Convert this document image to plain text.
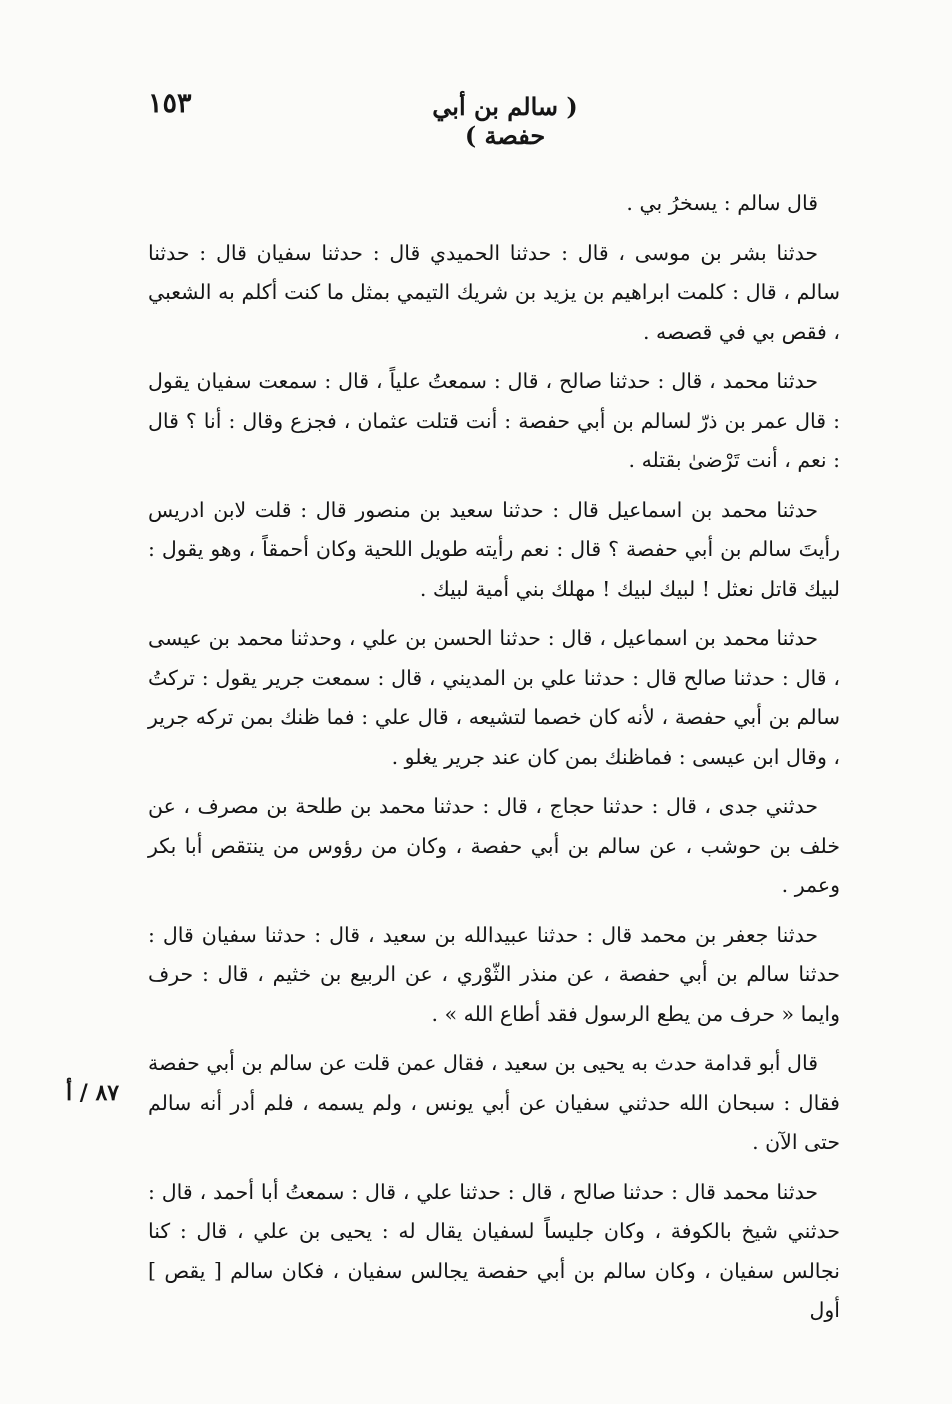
١٥٣	( سالم بن أبي حفصة )
٨٧ / أ

قال سالم : يسخرُ بي .

حدثنا بشر بن موسى ، قال : حدثنا الحميدي قال : حدثنا سفيان قال : حدثنا سالم ، قال : كلمت ابراهيم بن يزيد بن شريك التيمي بمثل ما كنت أكلم به الشعبي ، فقص بي في قصصه .

حدثنا محمد ، قال : حدثنا صالح ، قال : سمعتُ علياً ، قال : سمعت سفيان يقول : قال عمر بن ذرّ لسالم بن أبي حفصة : أنت قتلت عثمان ، فجزع وقال : أنا ؟ قال : نعم ، أنت تَرْضىٰ بقتله .

حدثنا محمد بن اسماعيل قال : حدثنا سعيد بن منصور قال : قلت لابن ادريس رأيتَ سالم بن أبي حفصة ؟ قال : نعم رأيته طويل اللحية وكان أحمقاً ، وهو يقول : لبيك قاتل نعثل ! لبيك لبيك ! مهلك بني أمية لبيك .

حدثنا محمد بن اسماعيل ، قال : حدثنا الحسن بن علي ، وحدثنا محمد بن عيسى ، قال : حدثنا صالح قال : حدثنا علي بن المديني ، قال : سمعت جرير يقول : تركتُ سالم بن أبي حفصة ، لأنه كان خصما لتشيعه ، قال علي : فما ظنك بمن تركه جرير ، وقال ابن عيسى : فماظنك بمن كان عند جرير يغلو .

حدثني جدى ، قال : حدثنا حجاج ، قال : حدثنا محمد بن طلحة بن مصرف ، عن خلف بن حوشب ، عن سالم بن أبي حفصة ، وكان من رؤوس من ينتقص أبا بكر وعمر .

حدثنا جعفر بن محمد قال : حدثنا عبيدالله بن سعيد ، قال : حدثنا سفيان قال : حدثنا سالم بن أبي حفصة ، عن منذر الثّوْري ، عن الربيع بن خثيم ، قال : حرف وايما « حرف من يطع الرسول فقد أطاع الله » .

قال أبو قدامة حدث به يحيى بن سعيد ، فقال عمن قلت عن سالم بن أبي حفصة فقال : سبحان الله حدثني سفيان عن أبي يونس ، ولم يسمه ، فلم أدر أنه سالم حتى الآن .

حدثنا محمد قال : حدثنا صالح ، قال : حدثنا علي ، قال : سمعتُ أبا أحمد ، قال : حدثني شيخ بالكوفة ، وكان جليساً لسفيان يقال له : يحيى بن علي ، قال : كنا نجالس سفيان ، وكان سالم بن أبي حفصة يجالس سفيان ، فكان سالم [ يقص ] أول
